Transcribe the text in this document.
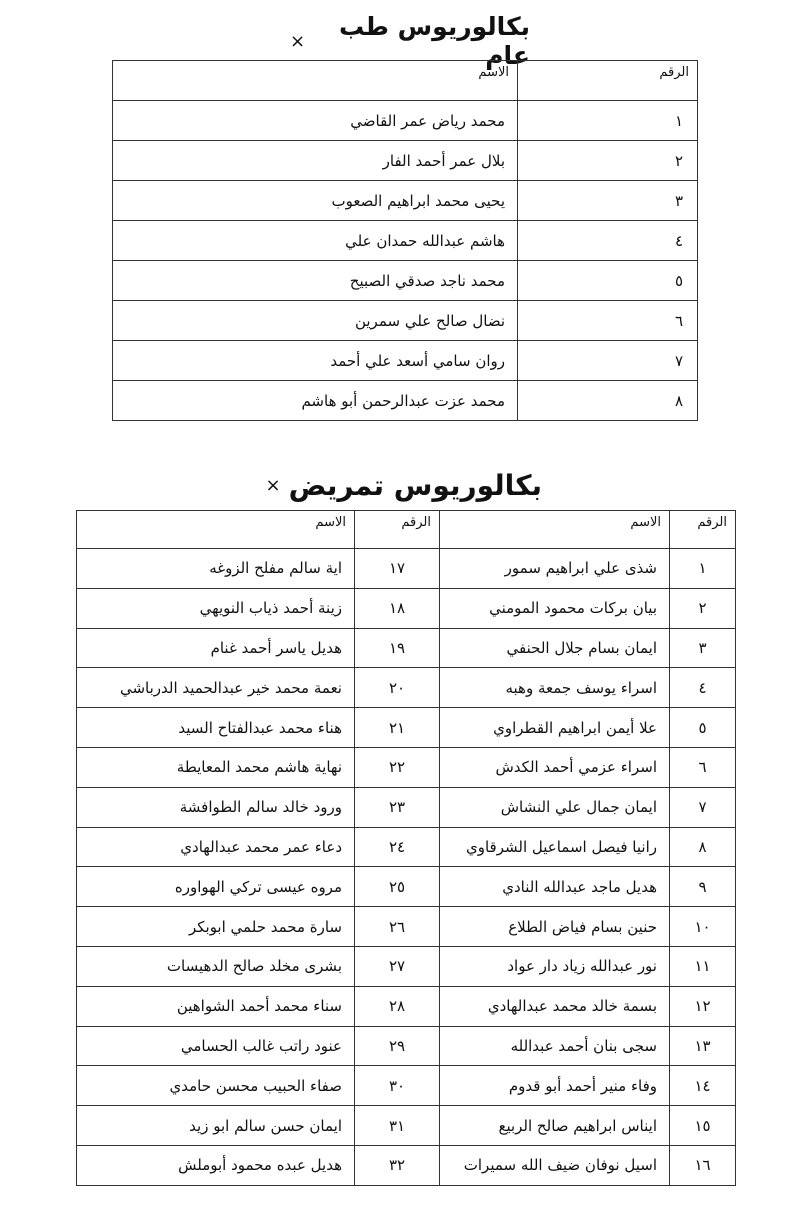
بكالوريوس طب عام
×
الرقم	الاسم
١	محمد رياض عمر القاضي
٢	بلال عمر أحمد الفار
٣	يحيى محمد ابراهيم الصعوب
٤	هاشم عبدالله حمدان علي
٥	محمد ناجد صدقي الصبيح
٦	نضال صالح علي سمرين
٧	روان سامي أسعد علي أحمد
٨	محمد عزت عبدالرحمن أبو هاشم
بكالوريوس تمريض
×
الرقم	الاسم	الرقم	الاسم
١	شذى علي ابراهيم سمور	١٧	اية سالم مفلح الزوغه
٢	بيان بركات محمود المومني	١٨	زينة أحمد ذياب النويهي
٣	ايمان بسام جلال الحنفي	١٩	هديل ياسر أحمد غنام
٤	اسراء يوسف جمعة وهبه	٢٠	نعمة محمد خير عبدالحميد الدرباشي
٥	علا أيمن ابراهيم القطراوي	٢١	هناء محمد عبدالفتاح السيد
٦	اسراء عزمي أحمد الكدش	٢٢	نهاية هاشم محمد المعايطة
٧	ايمان جمال علي النشاش	٢٣	ورود خالد سالم الطوافشة
٨	رانيا فيصل اسماعيل الشرقاوي	٢٤	دعاء عمر محمد عبدالهادي
٩	هديل ماجد عبدالله النادي	٢٥	مروه عيسى تركي الهواوره
١٠	حنين بسام فياض الطلاع	٢٦	سارة محمد حلمي ابوبكر
١١	نور عبدالله زياد دار عواد	٢٧	بشرى مخلد صالح الدهيسات
١٢	بسمة خالد محمد عبدالهادي	٢٨	سناء محمد أحمد الشواهين
١٣	سجى بنان أحمد عبدالله	٢٩	عنود راتب غالب الحسامي
١٤	وفاء منير أحمد أبو قدوم	٣٠	صفاء الحبيب محسن حامدي
١٥	ايناس ابراهيم صالح الربيع	٣١	ايمان حسن سالم ابو زيد
١٦	اسيل نوفان ضيف الله سميرات	٣٢	هديل عبده محمود أبوملش
